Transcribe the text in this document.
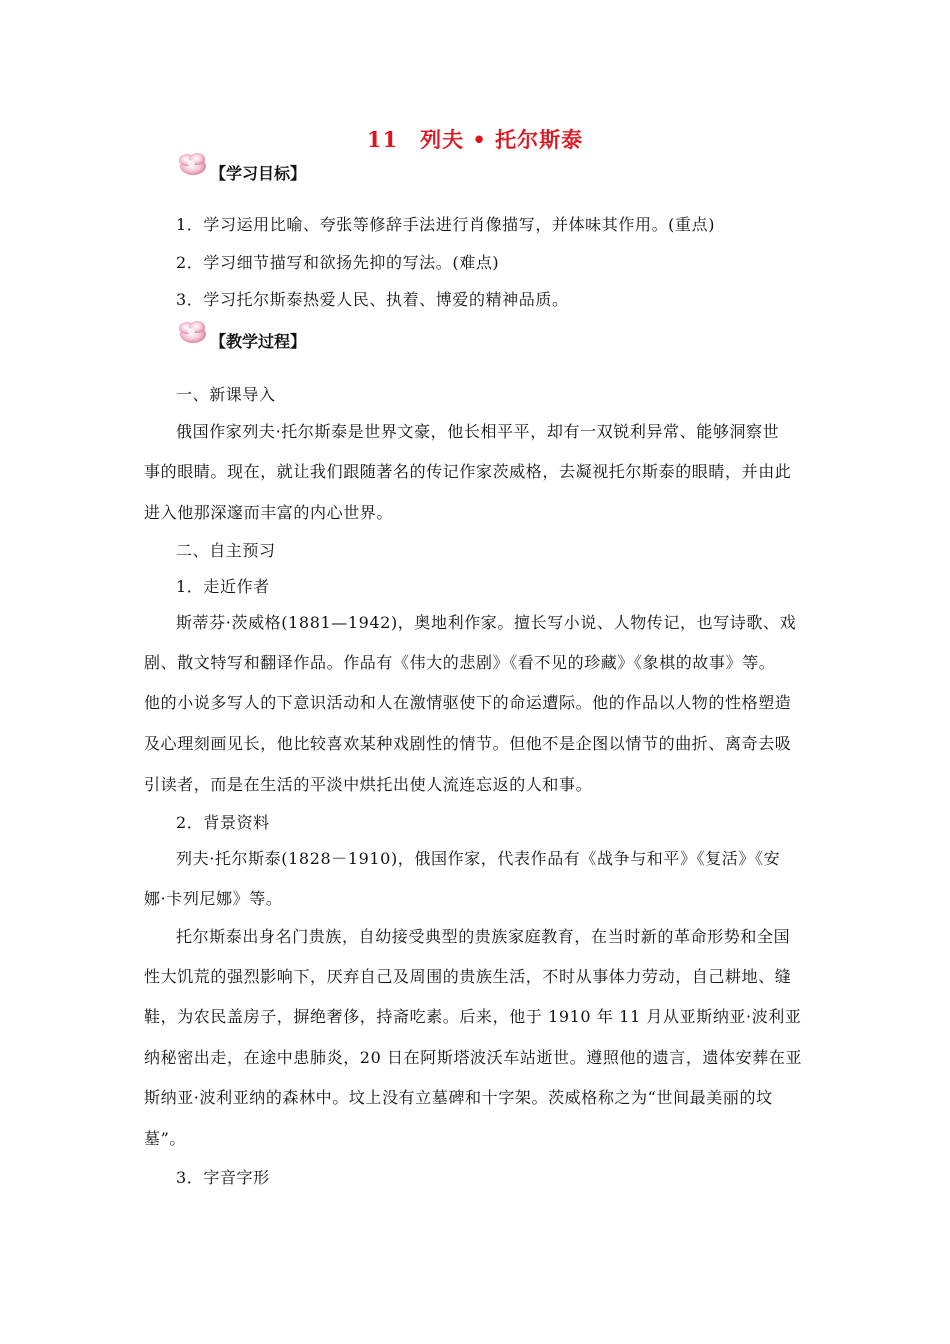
11 列夫 • 托尔斯泰
【学习目标】
1．学习运用比喻、夸张等修辞手法进行肖像描写，并体味其作用。(重点)
2．学习细节描写和欲扬先抑的写法。(难点)
3．学习托尔斯泰热爱人民、执着、博爱的精神品质。
【教学过程】
一、新课导入
俄国作家列夫·托尔斯泰是世界文豪，他长相平平，却有一双锐利异常、能够洞察世
事的眼睛。现在，就让我们跟随著名的传记作家茨威格，去凝视托尔斯泰的眼睛，并由此
进入他那深邃而丰富的内心世界。
二、自主预习
1．走近作者
斯蒂芬·茨威格(1881—1942)，奥地利作家。擅长写小说、人物传记，也写诗歌、戏
剧、散文特写和翻译作品。作品有《伟大的悲剧》《看不见的珍藏》《象棋的故事》等。
他的小说多写人的下意识活动和人在激情驱使下的命运遭际。他的作品以人物的性格塑造
及心理刻画见长，他比较喜欢某种戏剧性的情节。但他不是企图以情节的曲折、离奇去吸
引读者，而是在生活的平淡中烘托出使人流连忘返的人和事。
2．背景资料
列夫·托尔斯泰(1828－1910)，俄国作家，代表作品有《战争与和平》《复活》《安
娜·卡列尼娜》等。
托尔斯泰出身名门贵族，自幼接受典型的贵族家庭教育，在当时新的革命形势和全国
性大饥荒的强烈影响下，厌弃自己及周围的贵族生活，不时从事体力劳动，自己耕地、缝
鞋，为农民盖房子，摒绝奢侈，持斋吃素。后来，他于 1910 年 11 月从亚斯纳亚·波利亚
纳秘密出走，在途中患肺炎，20 日在阿斯塔波沃车站逝世。遵照他的遗言，遗体安葬在亚
斯纳亚·波利亚纳的森林中。坟上没有立墓碑和十字架。茨威格称之为“世间最美丽的坟
墓”。
3．字音字形
